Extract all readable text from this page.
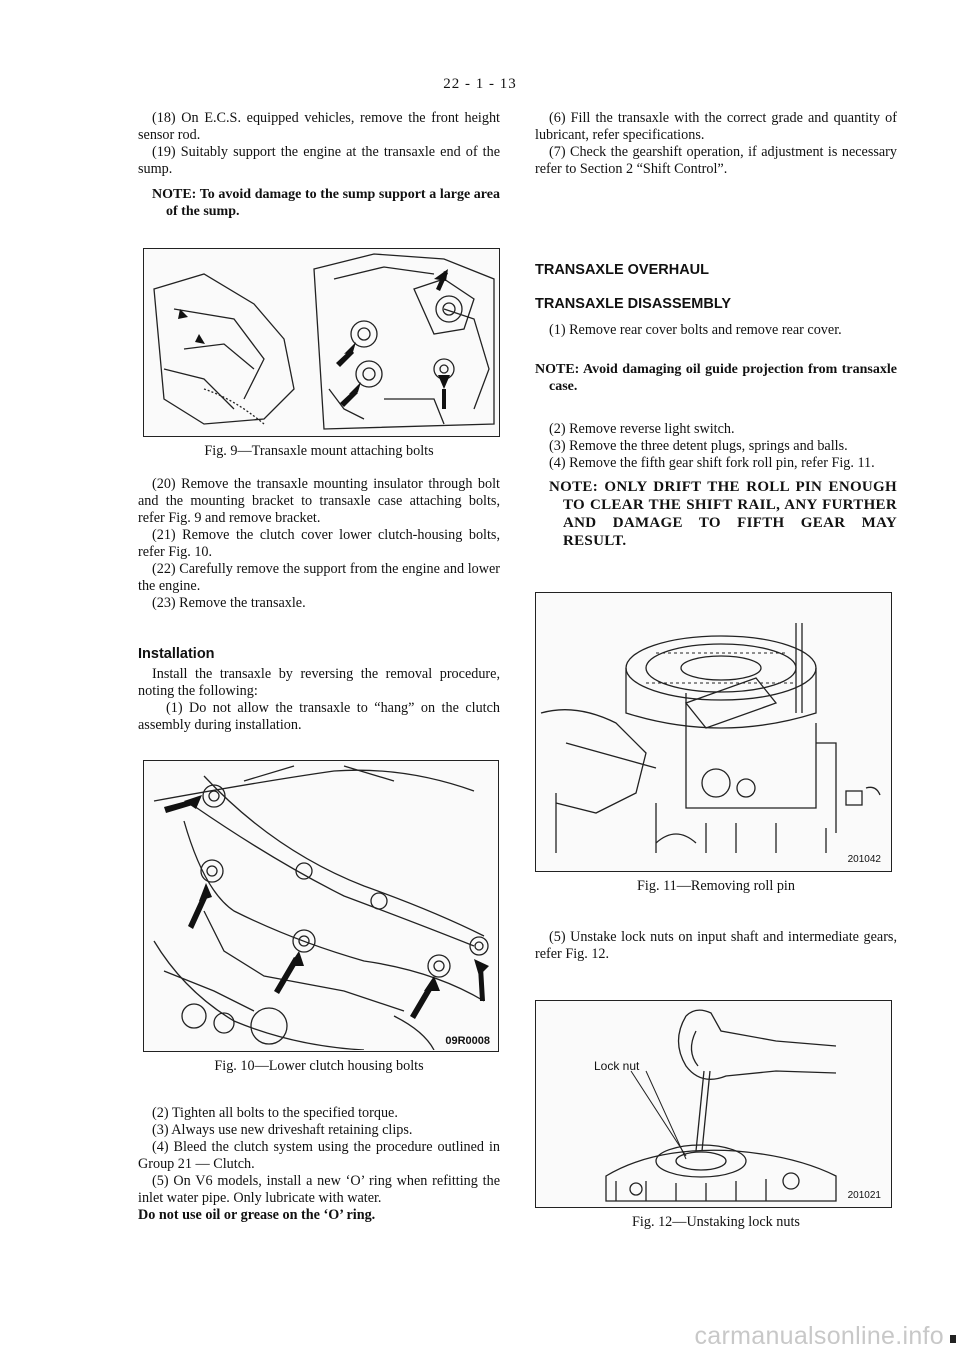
22 - 1 - 13

(18) On E.C.S. equipped vehicles, remove the front height sensor rod.

(19) Suitably support the engine at the transaxle end of the sump.

NOTE: To avoid damage to the sump support a large area of the sump.

Fig. 9—Transaxle mount attaching bolts

(20) Remove the transaxle mounting insulator through bolt and the mounting bracket to transaxle case attaching bolts, refer Fig. 9 and remove bracket.

(21) Remove the clutch cover lower clutch-housing bolts, refer Fig. 10.

(22) Carefully remove the support from the engine and lower the engine.

(23) Remove the transaxle.

Installation

Install the transaxle by reversing the removal procedure, noting the following:

(1) Do not allow the transaxle to “hang” on the clutch assembly during installation.

09R0008
Fig. 10—Lower clutch housing bolts

(2) Tighten all bolts to the specified torque.

(3) Always use new driveshaft retaining clips.

(4) Bleed the clutch system using the procedure outlined in Group 21 — Clutch.

(5) On V6 models, install a new ‘O’ ring when refitting the inlet water pipe. Only lubricate with water.

Do not use oil or grease on the ‘O’ ring.

(6) Fill the transaxle with the correct grade and quantity of lubricant, refer specifications.

(7) Check the gearshift operation, if adjustment is necessary refer to Section 2 “Shift Control”.

TRANSAXLE OVERHAUL
TRANSAXLE DISASSEMBLY

(1) Remove rear cover bolts and remove rear cover.

NOTE: Avoid damaging oil guide projection from transaxle case.

(2) Remove reverse light switch.

(3) Remove the three detent plugs, springs and balls.

(4) Remove the fifth gear shift fork roll pin, refer Fig. 11.

NOTE: ONLY DRIFT THE ROLL PIN ENOUGH TO CLEAR THE SHIFT RAIL, ANY FURTHER AND DAMAGE TO FIFTH GEAR MAY RESULT.

201042
Fig. 11—Removing roll pin

(5) Unstake lock nuts on input shaft and intermediate gears, refer Fig. 12.

Lock nut
201021
Fig. 12—Unstaking lock nuts
carmanualsonline.info
